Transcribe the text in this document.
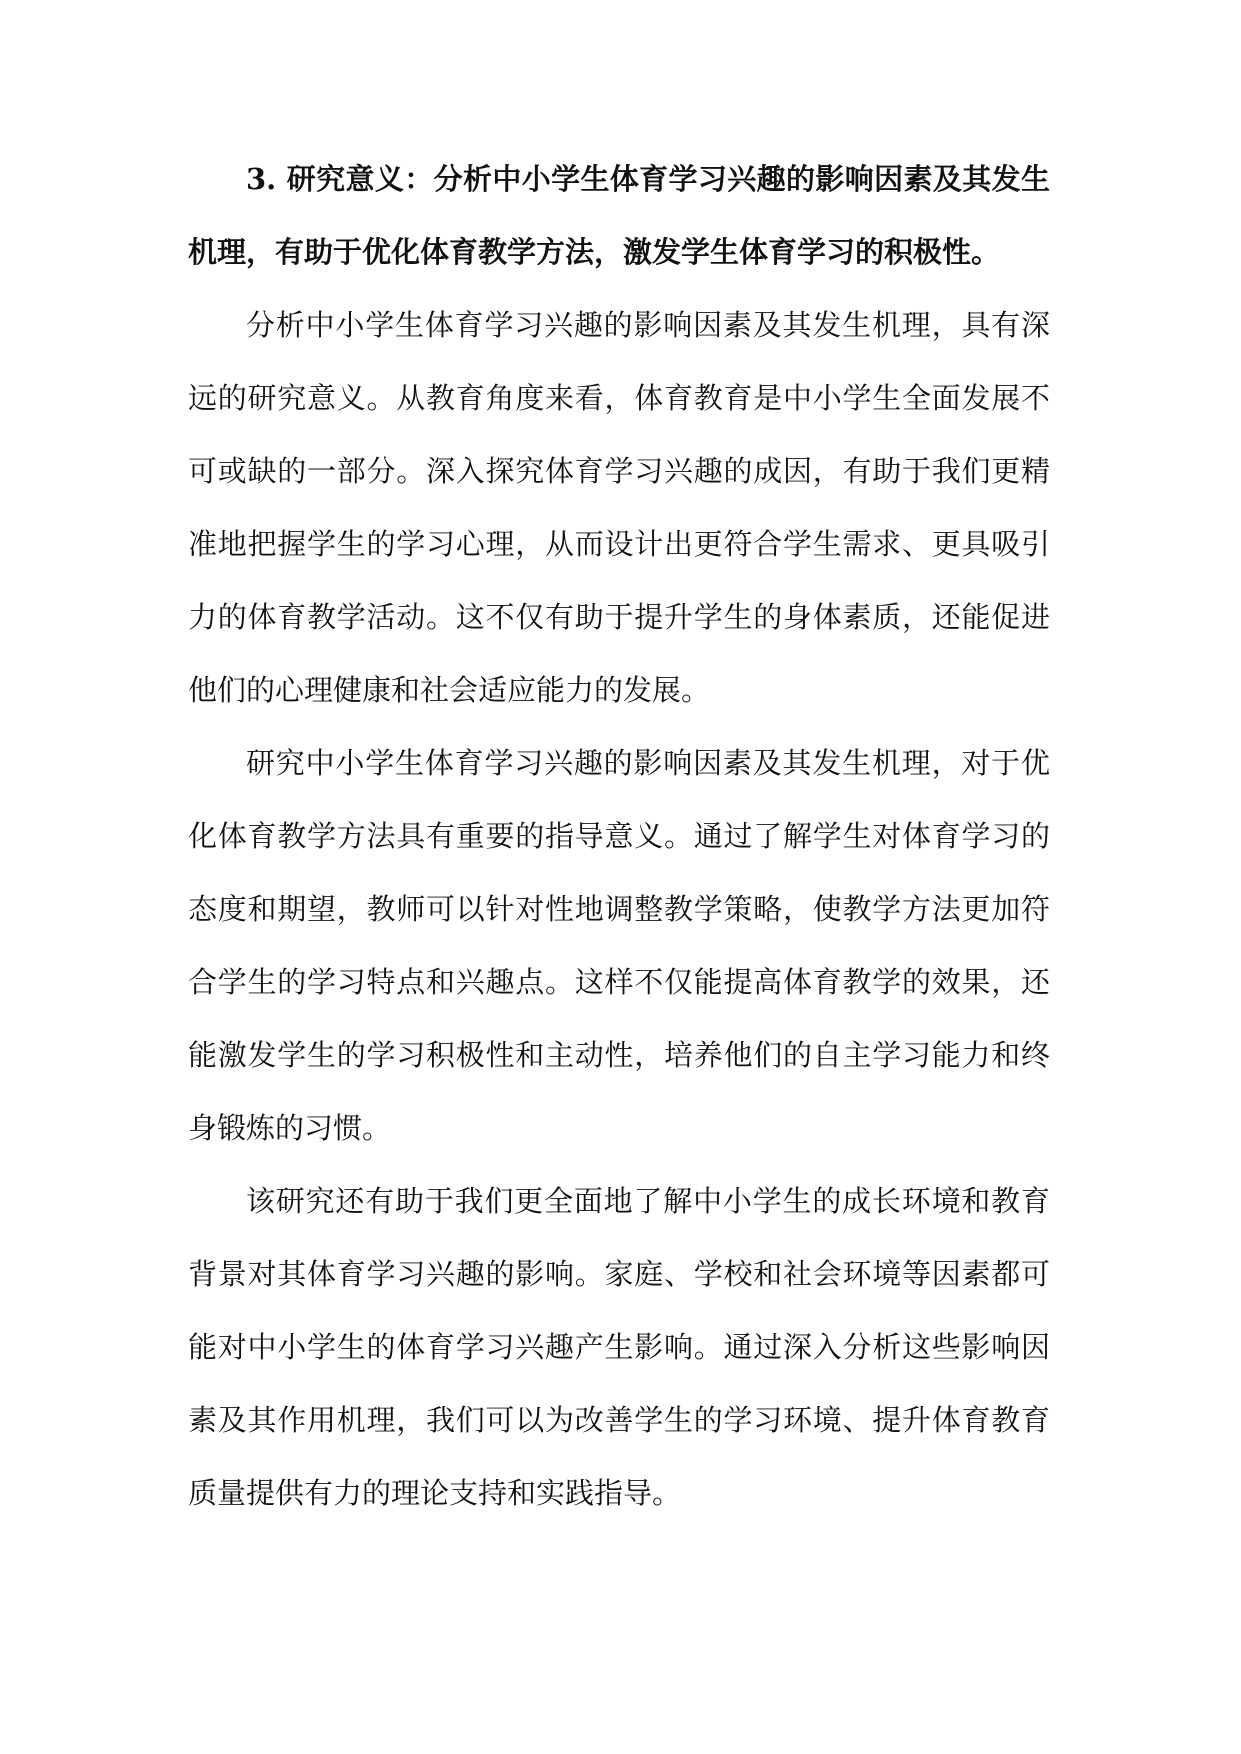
3. 研究意义：分析中小学生体育学习兴趣的影响因素及其发生机理，有助于优化体育教学方法，激发学生体育学习的积极性。

分析中小学生体育学习兴趣的影响因素及其发生机理，具有深远的研究意义。从教育角度来看，体育教育是中小学生全面发展不可或缺的一部分。深入探究体育学习兴趣的成因，有助于我们更精准地把握学生的学习心理，从而设计出更符合学生需求、更具吸引力的体育教学活动。这不仅有助于提升学生的身体素质，还能促进他们的心理健康和社会适应能力的发展。

研究中小学生体育学习兴趣的影响因素及其发生机理，对于优化体育教学方法具有重要的指导意义。通过了解学生对体育学习的态度和期望，教师可以针对性地调整教学策略，使教学方法更加符合学生的学习特点和兴趣点。这样不仅能提高体育教学的效果，还能激发学生的学习积极性和主动性，培养他们的自主学习能力和终身锻炼的习惯。

该研究还有助于我们更全面地了解中小学生的成长环境和教育背景对其体育学习兴趣的影响。家庭、学校和社会环境等因素都可能对中小学生的体育学习兴趣产生影响。通过深入分析这些影响因素及其作用机理，我们可以为改善学生的学习环境、提升体育教育质量提供有力的理论支持和实践指导。
